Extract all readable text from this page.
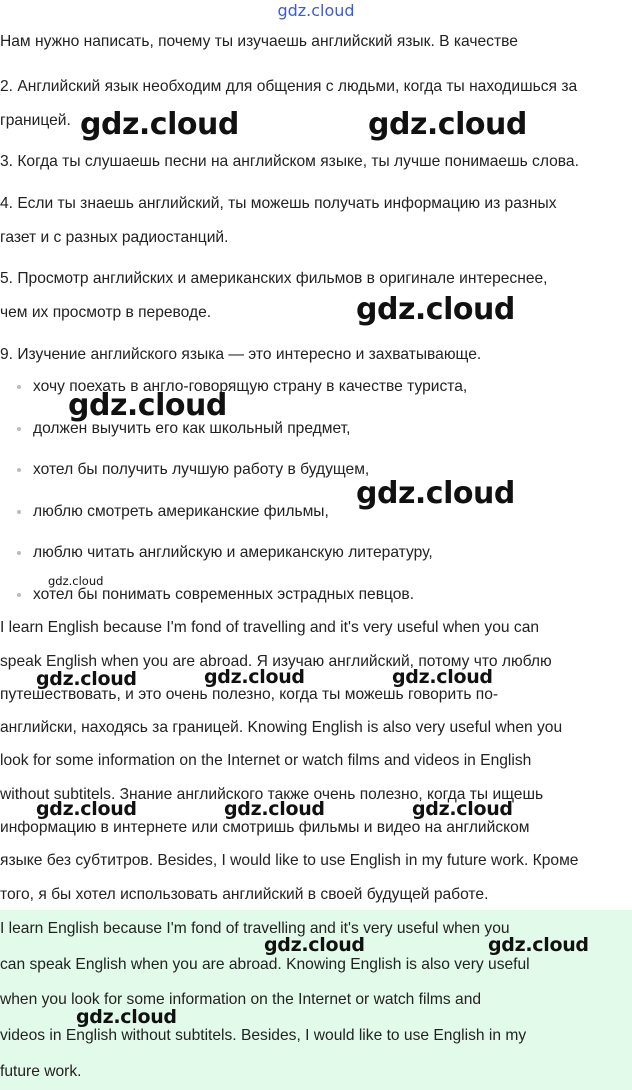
gdz.cloud

Нам нужно написать, почему ты изучаешь английский язык. В качестве

2. Английский язык необходим для общения с людьми, когда ты находишься за

границей.

3. Когда ты слушаешь песни на английском языке, ты лучше понимаешь слова.

4. Если ты знаешь английский, ты можешь получать информацию из разных

газет и с разных радиостанций.

5. Просмотр английских и американских фильмов в оригинале интереснее,

чем их просмотр в переводе.

9. Изучение английского языка — это интересно и захватывающе.

хочу поехать в англо-говорящую страну в качестве туриста,
должен выучить его как школьный предмет,
хотел бы получить лучшую работу в будущем,
люблю смотреть американские фильмы,
люблю читать английскую и американскую литературу,
хотел бы понимать современных эстрадных певцов.

I learn English because I'm fond of travelling and it's very useful when you can

speak English when you are abroad. Я изучаю английский, потому что люблю

путешествовать, и это очень полезно, когда ты можешь говорить по-

английски, находясь за границей. Knowing English is also very useful when you

look for some information on the Internet or watch films and videos in English

without subtitels. Знание английского также очень полезно, когда ты ищешь

информацию в интернете или смотришь фильмы и видео на английском

языке без субтитров. Besides, I would like to use English in my future work. Кроме

того, я бы хотел использовать английский в своей будущей работе.

I learn English because I'm fond of travelling and it's very useful when you

can speak English when you are abroad. Knowing English is also very useful

when you look for some information on the Internet or watch films and

videos in English without subtitels. Besides, I would like to use English in my

future work.

gdz.cloud	gdz.cloud
gdz.cloud
gdz.cloud
gdz.cloud
gdz.cloud
gdz.cloud	gdz.cloud	gdz.cloud
gdz.cloud	gdz.cloud	gdz.cloud
gdz.cloud	gdz.cloud
gdz.cloud
